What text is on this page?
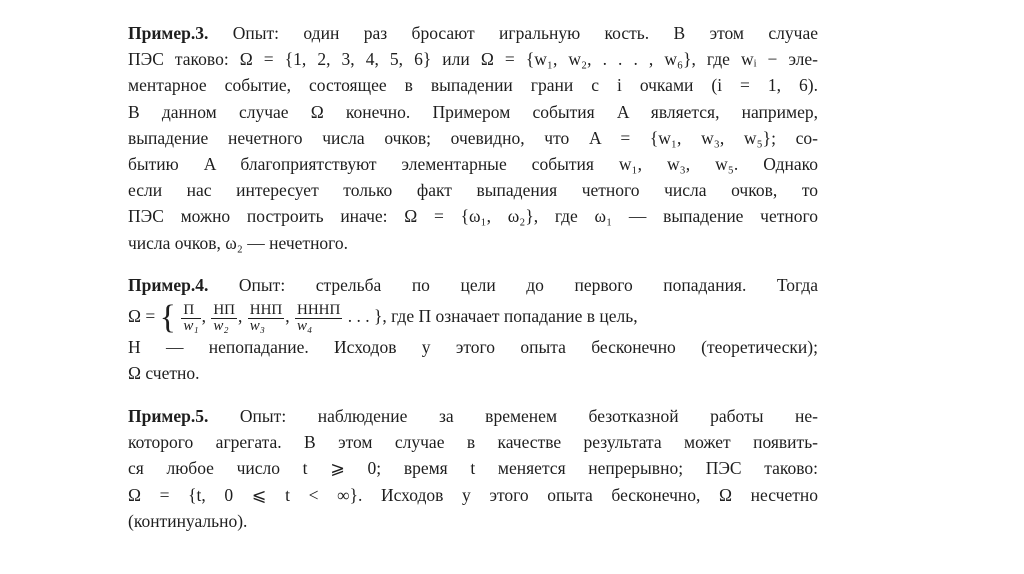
Пример.3. Опыт: один раз бросают игральную кость. В этом случае
ПЭС таково: Ω = {1, 2, 3, 4, 5, 6} или Ω = {w₁, w₂, . . . , w₆}, где wᵢ − эле-
ментарное событие, состоящее в выпадении грани с i очками (i = 1, 6).
В данном случае Ω конечно. Примером события A является, например,
выпадение нечетного числа очков; очевидно, что A = {w₁, w₃, w₅}; со-
бытию A благоприятствуют элементарные события w₁, w₃, w₅. Однако
если нас интересует только факт выпадения четного числа очков, то
ПЭС можно построить иначе: Ω = {ω₁, ω₂}, где ω₁ — выпадение четного
числа очков, ω₂ — нечетного.
Пример.4. Опыт: стрельба по цели до первого попадания. Тогда
Ω = { $\frac{П}{\text{w₁}}$ , $\frac{НП}{\text{w₂}}$ , $\frac{\text{ННП}}{\text{w₃}}$ , $\frac{\text{НННП}}{\text{w₄}}$ . . . }, где П означает попадание в цель,
Н — непопадание. Исходов у этого опыта бесконечно (теоретически);
Ω счетно.
Пример.5. Опыт: наблюдение за временем безотказной работы не-
которого агрегата. В этом случае в качестве результата может появить-
ся любое число t ⩾ 0; время t меняется непрерывно; ПЭС таково:
Ω = {t, 0 ⩽ t < ∞}. Исходов у этого опыта бесконечно, Ω несчетно
(континуально).
